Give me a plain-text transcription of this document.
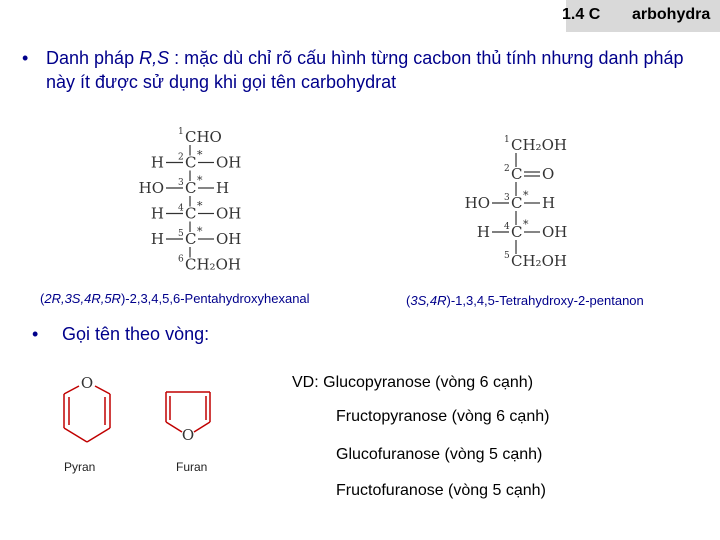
1.4 C arbohydra
• Danh pháp R,S : mặc dù chỉ rõ cấu hình từng cacbon thủ tính nhưng danh pháp này ít được sử dụng khi gọi tên carbohydrat
1 CHO
2 C
H	OH
*
3 C
HO	H
*
4 C
H	OH
*
5 C
H	OH
*
6 CH₂OH
1 CH₂OH
2 C O
3 C
HO	H
*
4 C
H	OH
*
5 CH₂OH
(2R,3S,4R,5R)-2,3,4,5,6-Pentahydroxyhexanal	(3S,4R)-1,3,4,5-Tetrahydroxy-2-pentanon
• Gọi tên theo vòng:
O
Pyran
O
Furan
VD: Glucopyranose (vòng 6 cạnh)
Fructopyranose (vòng 6 cạnh)
Glucofuranose (vòng 5 cạnh)
Fructofuranose (vòng 5 cạnh)
